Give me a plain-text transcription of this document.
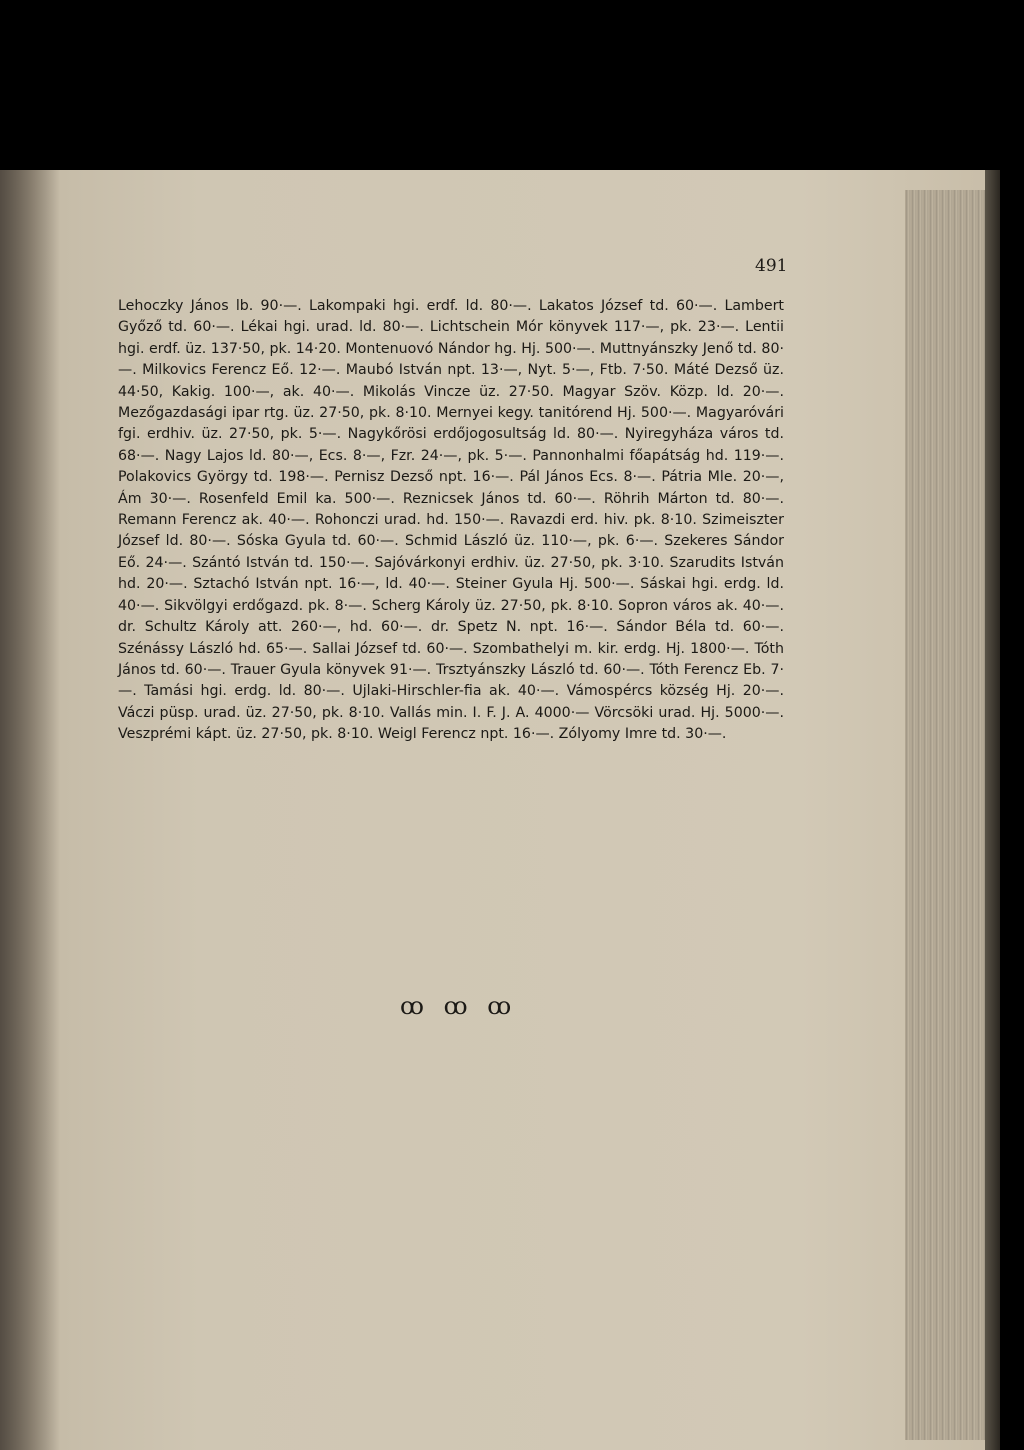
491

Lehoczky János lb. 90·—. Lakompaki hgi. erdf. ld. 80·—. Lakatos József td. 60·—. Lambert Győző td. 60·—. Lékai hgi. urad. ld. 80·—. Lichtschein Mór könyvek 117·—, pk. 23·—. Lentii hgi. erdf. üz. 137·50, pk. 14·20. Montenuovó Nándor hg. Hj. 500·—. Muttnyánszky Jenő td. 80·—. Milkovics Ferencz Eő. 12·—. Maubó István npt. 13·—, Nyt. 5·—, Ftb. 7·50. Máté Dezső üz. 44·50, Kakig. 100·—, ak. 40·—. Mikolás Vincze üz. 27·50. Magyar Szöv. Közp. ld. 20·—. Mezőgazdasági ipar rtg. üz. 27·50, pk. 8·10. Mernyei kegy. tanitórend Hj. 500·—. Magyaróvári fgi. erdhiv. üz. 27·50, pk. 5·—. Nagykőrösi erdőjogosultság ld. 80·—. Nyiregyháza város td. 68·—. Nagy Lajos ld. 80·—, Ecs. 8·—, Fzr. 24·—, pk. 5·—. Pannonhalmi főapátság hd. 119·—. Polakovics György td. 198·—. Pernisz Dezső npt. 16·—. Pál János Ecs. 8·—. Pátria Mle. 20·—, Ám 30·—. Rosenfeld Emil ka. 500·—. Reznicsek János td. 60·—. Röhrih Márton td. 80·—. Remann Ferencz ak. 40·—. Rohonczi urad. hd. 150·—. Ravazdi erd. hiv. pk. 8·10. Szimeiszter József ld. 80·—. Sóska Gyula td. 60·—. Schmid László üz. 110·—, pk. 6·—. Szekeres Sándor Eő. 24·—. Szántó István td. 150·—. Sajóvárkonyi erdhiv. üz. 27·50, pk. 3·10. Szarudits István hd. 20·—. Sztachó István npt. 16·—, ld. 40·—. Steiner Gyula Hj. 500·—. Sáskai hgi. erdg. ld. 40·—. Sikvölgyi erdőgazd. pk. 8·—. Scherg Károly üz. 27·50, pk. 8·10. Sopron város ak. 40·—. dr. Schultz Károly att. 260·—, hd. 60·—. dr. Spetz N. npt. 16·—. Sándor Béla td. 60·—. Szénássy László hd. 65·—. Sallai József td. 60·—. Szombathelyi m. kir. erdg. Hj. 1800·—. Tóth János td. 60·—. Trauer Gyula könyvek 91·—. Trsztyánszky László td. 60·—. Tóth Ferencz Eb. 7·—. Tamási hgi. erdg. ld. 80·—. Ujlaki-Hirschler-fia ak. 40·—. Vámospércs község Hj. 20·—. Váczi püsp. urad. üz. 27·50, pk. 8·10. Vallás min. I. F. J. A. 4000·— Vörcsöki urad. Hj. 5000·—. Veszprémi kápt. üz. 27·50, pk. 8·10. Weigl Ferencz npt. 16·—. Zólyomy Imre td. 30·—.

ꝏ ꝏ ꝏ
